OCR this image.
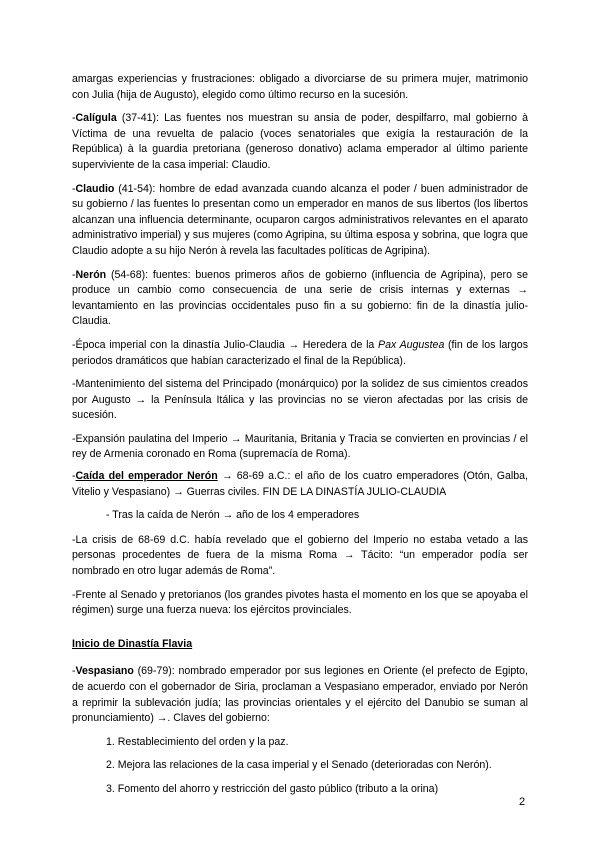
amargas experiencias y frustraciones: obligado a divorciarse de su primera mujer, matrimonio con Julia (hija de Augusto), elegido como último recurso en la sucesión.

-Calígula (37-41): Las fuentes nos muestran su ansia de poder, despilfarro, mal gobierno à Víctima de una revuelta de palacio (voces senatoriales que exigía la restauración de la República) à la guardia pretoriana (generoso donativo) aclama emperador al último pariente superviviente de la casa imperial: Claudio.

-Claudio (41-54): hombre de edad avanzada cuando alcanza el poder / buen administrador de su gobierno / las fuentes lo presentan como un emperador en manos de sus libertos (los libertos alcanzan una influencia determinante, ocuparon cargos administrativos relevantes en el aparato administrativo imperial) y sus mujeres (como Agripina, su última esposa y sobrina, que logra que Claudio adopte a su hijo Nerón à revela las facultades políticas de Agripina).

-Nerón (54-68): fuentes: buenos primeros años de gobierno (influencia de Agripina), pero se produce un cambio como consecuencia de una serie de crisis internas y externas → levantamiento en las provincias occidentales puso fin a su gobierno: fin de la dinastía julio-Claudia.

-Época imperial con la dinastía Julio-Claudia → Heredera de la Pax Augustea (fin de los largos periodos dramáticos que habían caracterizado el final de la República).

-Mantenimiento del sistema del Principado (monárquico) por la solidez de sus cimientos creados por Augusto → la Península Itálica y las provincias no se vieron afectadas por las crisis de sucesión.

-Expansión paulatina del Imperio → Mauritania, Britania y Tracia se convierten en provincias / el rey de Armenia coronado en Roma (supremacía de Roma).

-Caída del emperador Nerón → 68-69 a.C.: el año de los cuatro emperadores (Otón, Galba, Vitelio y Vespasiano) → Guerras civiles. FIN DE LA DINASTÍA JULIO-CLAUDIA

- Tras la caída de Nerón → año de los 4 emperadores

-La crisis de 68-69 d.C. había revelado que el gobierno del Imperio no estaba vetado a las personas procedentes de fuera de la misma Roma → Tácito: “un emperador podía ser nombrado en otro lugar además de Roma”.

-Frente al Senado y pretorianos (los grandes pivotes hasta el momento en los que se apoyaba el régimen) surge una fuerza nueva: los ejércitos provinciales.

Inicio de Dinastía Flavia

-Vespasiano (69-79): nombrado emperador por sus legiones en Oriente (el prefecto de Egipto, de acuerdo con el gobernador de Siria, proclaman a Vespasiano emperador, enviado por Nerón a reprimir la sublevación judía; las provincias orientales y el ejército del Danubio se suman al pronunciamiento) →. Claves del gobierno:

1. Restablecimiento del orden y la paz.
2. Mejora las relaciones de la casa imperial y el Senado (deterioradas con Nerón).
3. Fomento del ahorro y restricción del gasto público (tributo a la orina)
2
